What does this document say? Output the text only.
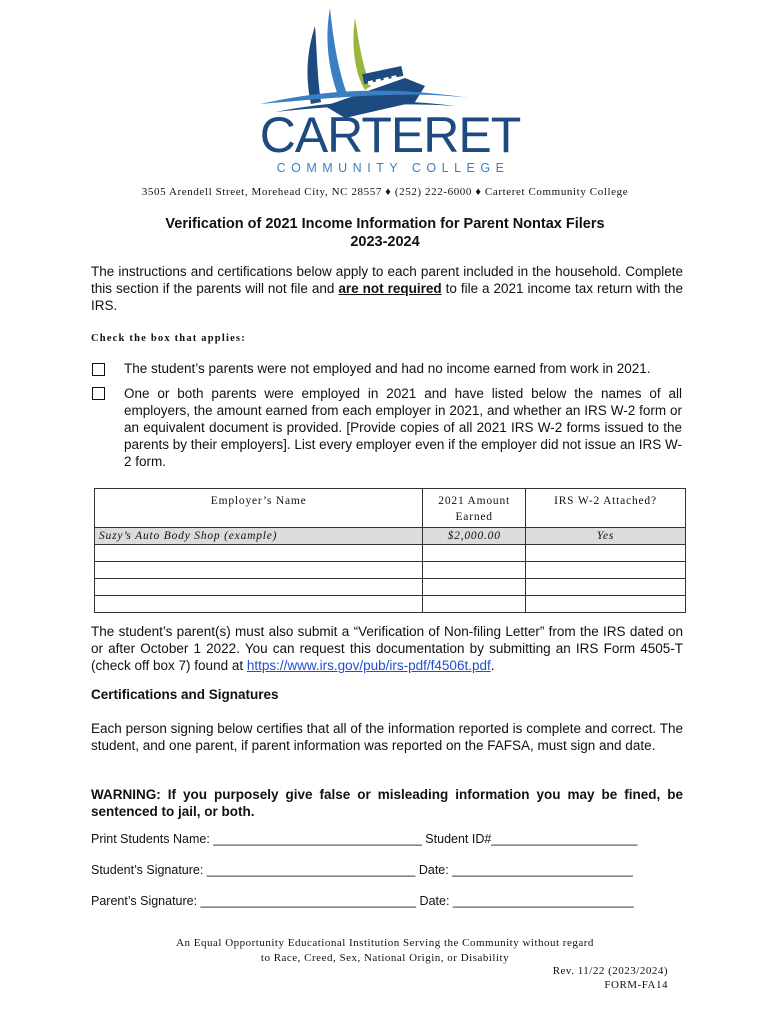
CARTERET
COMMUNITY COLLEGE
3505 Arendell Street, Morehead City, NC 28557 ♦ (252) 222-6000 ♦ Carteret Community College
Verification of 2021 Income Information for Parent Nontax Filers
2023-2024
The instructions and certifications below apply to each parent included in the household. Complete this section if the parents will not file and are not required to file a 2021 income tax return with the IRS.
Check the box that applies:
The student’s parents were not employed and had no income earned from work in 2021.
One or both parents were employed in 2021 and have listed below the names of all employers, the amount earned from each employer in 2021, and whether an IRS W-2 form or an equivalent document is provided. [Provide copies of all 2021 IRS W-2 forms issued to the parents by their employers]. List every employer even if the employer did not issue an IRS W-2 form.
Employer’s Name	2021 Amount Earned	IRS W-2 Attached?
Suzy’s Auto Body Shop (example)	$2,000.00	Yes

The student’s parent(s) must also submit a “Verification of Non-filing Letter” from the IRS dated on or after October 1 2022. You can request this documentation by submitting an IRS Form 4505-T (check off box 7) found at https://www.irs.gov/pub/irs-pdf/f4506t.pdf.
Certifications and Signatures
Each person signing below certifies that all of the information reported is complete and correct. The student, and one parent, if parent information was reported on the FAFSA, must sign and date.
WARNING: If you purposely give false or misleading information you may be fined, be sentenced to jail, or both.
Print Students Name: ______________________________ Student ID#_____________________
Student’s Signature: ______________________________ Date: __________________________
Parent’s Signature: _______________________________ Date: __________________________
An Equal Opportunity Educational Institution Serving the Community without regard
to Race, Creed, Sex, National Origin, or Disability
Rev. 11/22 (2023/2024)
FORM-FA14
